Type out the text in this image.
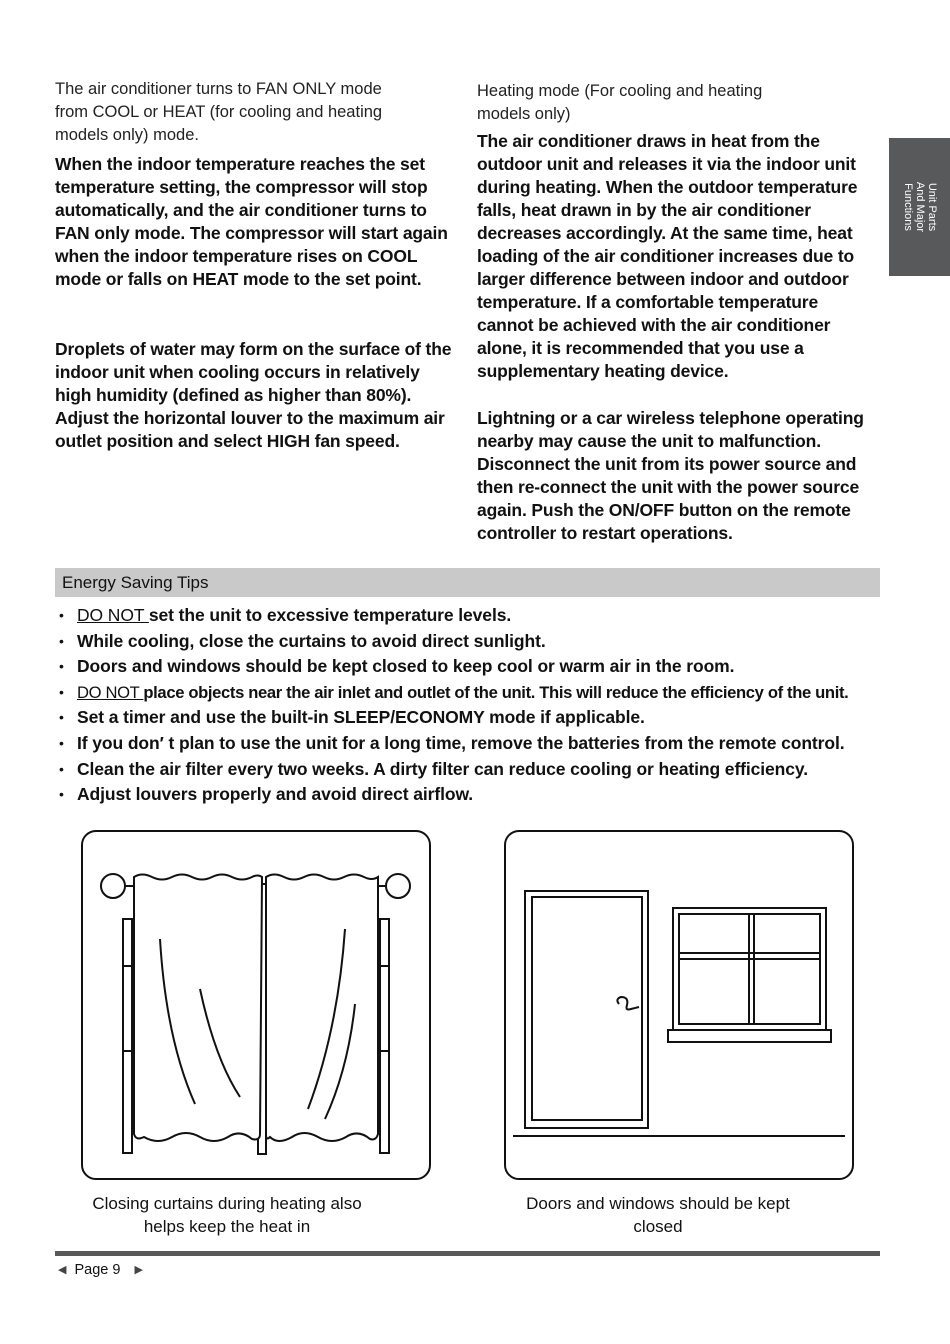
The air conditioner turns to FAN ONLY mode from COOL or HEAT (for cooling and heating models only) mode.

When the indoor temperature reaches the set temperature setting, the compressor will stop automatically, and the air conditioner turns to FAN only mode. The compressor will start again when the indoor temperature rises on COOL mode or falls on HEAT mode to the set point.

Droplets of water may form on the surface of the indoor unit when cooling occurs in relatively high humidity (defined as higher than 80%). Adjust the horizontal louver to the maximum air outlet position and select HIGH fan speed.

Heating mode (For cooling and heating models only)

The air conditioner draws in heat from the outdoor unit and releases it via the indoor unit during heating. When the outdoor temperature falls, heat drawn in by the air conditioner decreases accordingly. At the same time, heat loading of the air conditioner increases due to larger difference between indoor and outdoor temperature. If a comfortable temperature cannot be achieved with the air conditioner alone, it is recommended that you use a supplementary heating device.

Lightning or a car wireless telephone operating nearby may cause the unit to malfunction. Disconnect the unit from its power source and then re-connect the unit with the power source again. Push the ON/OFF button on the remote controller to restart operations.

Unit Parts
And Major
Functions
Energy Saving Tips
• DO NOT set the unit to excessive temperature levels.
• While cooling, close the curtains to avoid direct sunlight.
• Doors and windows should be kept closed to keep cool or warm air in the room.
• DO NOT place objects near the air inlet and outlet of the unit. This will reduce the efficiency of the unit.
• Set a timer and use the built-in SLEEP/ECONOMY mode if applicable.
• If you don′ t plan to use the unit for a long time, remove the batteries from the remote control.
• Clean the air filter every two weeks. A dirty filter can reduce cooling or heating efficiency.
• Adjust louvers properly and avoid direct airflow.

Closing curtains during heating also
helps keep the heat in

Doors and windows should be kept
closed

◀ Page 9 ▶
